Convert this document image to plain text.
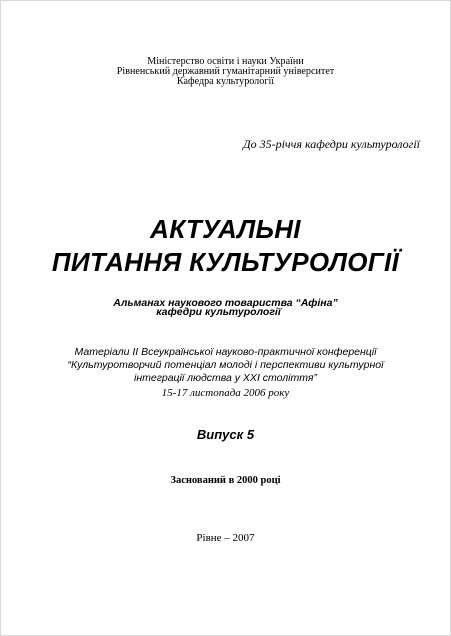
Міністерство освіти і науки України
Рівненський державний гуманітарний університет
Кафедра культурології
До 35-річчя кафедри культурології
АКТУАЛЬНІ
ПИТАННЯ КУЛЬТУРОЛОГІЇ
Альманах наукового товариства “Афіна”
кафедри культурології
Матеріали ІІ Всеукраїнської науково-практичної конференції
“Культуротворчий потенціал молоді і перспективи культурної
інтеграції людства у ХХІ століття”
15-17 листопада 2006 року
Випуск 5
Заснований в 2000 році
Рівне – 2007
